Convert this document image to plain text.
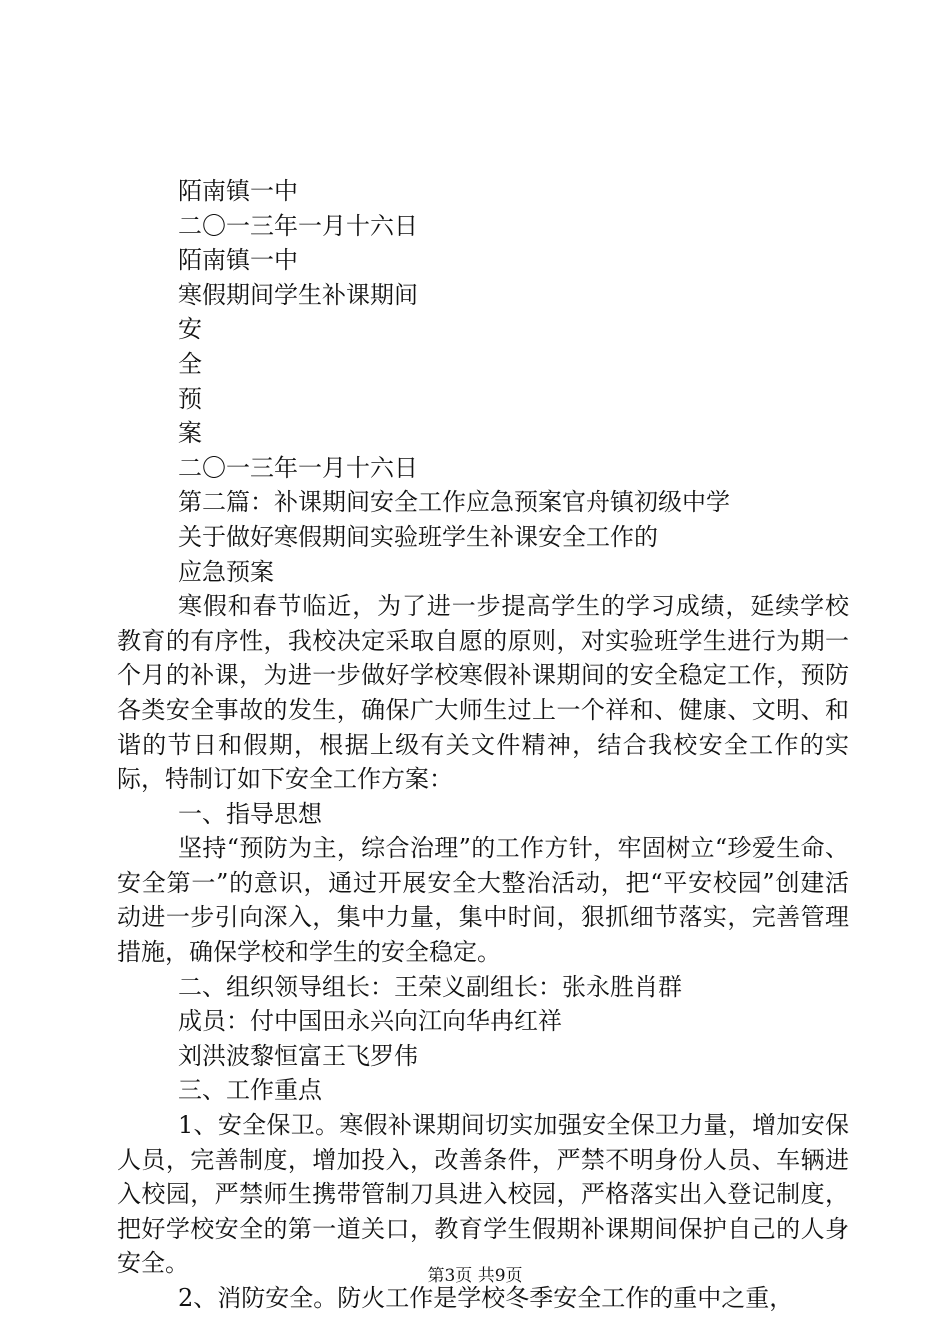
陌南镇一中

二〇一三年一月十六日

陌南镇一中

寒假期间学生补课期间

安

全

预

案

二〇一三年一月十六日

第二篇：补课期间安全工作应急预案官舟镇初级中学

关于做好寒假期间实验班学生补课安全工作的

应急预案

寒假和春节临近，为了进一步提高学生的学习成绩，延续学校教育的有序性，我校决定采取自愿的原则，对实验班学生进行为期一个月的补课，为进一步做好学校寒假补课期间的安全稳定工作，预防各类安全事故的发生，确保广大师生过上一个祥和、健康、文明、和谐的节日和假期，根据上级有关文件精神，结合我校安全工作的实际，特制订如下安全工作方案：

一、指导思想

坚持“预防为主，综合治理”的工作方针，牢固树立“珍爱生命、安全第一”的意识，通过开展安全大整治活动，把“平安校园”创建活动进一步引向深入，集中力量，集中时间，狠抓细节落实，完善管理措施，确保学校和学生的安全稳定。

二、组织领导组长：王荣义副组长：张永胜肖群

成员：付中国田永兴向江向华冉红祥

刘洪波黎恒富王飞罗伟

三、工作重点

1、安全保卫。寒假补课期间切实加强安全保卫力量，增加安保人员，完善制度，增加投入，改善条件，严禁不明身份人员、车辆进入校园，严禁师生携带管制刀具进入校园，严格落实出入登记制度，把好学校安全的第一道关口，教育学生假期补课期间保护自己的人身安全。

2、消防安全。防火工作是学校冬季安全工作的重中之重，

第3页 共9页
